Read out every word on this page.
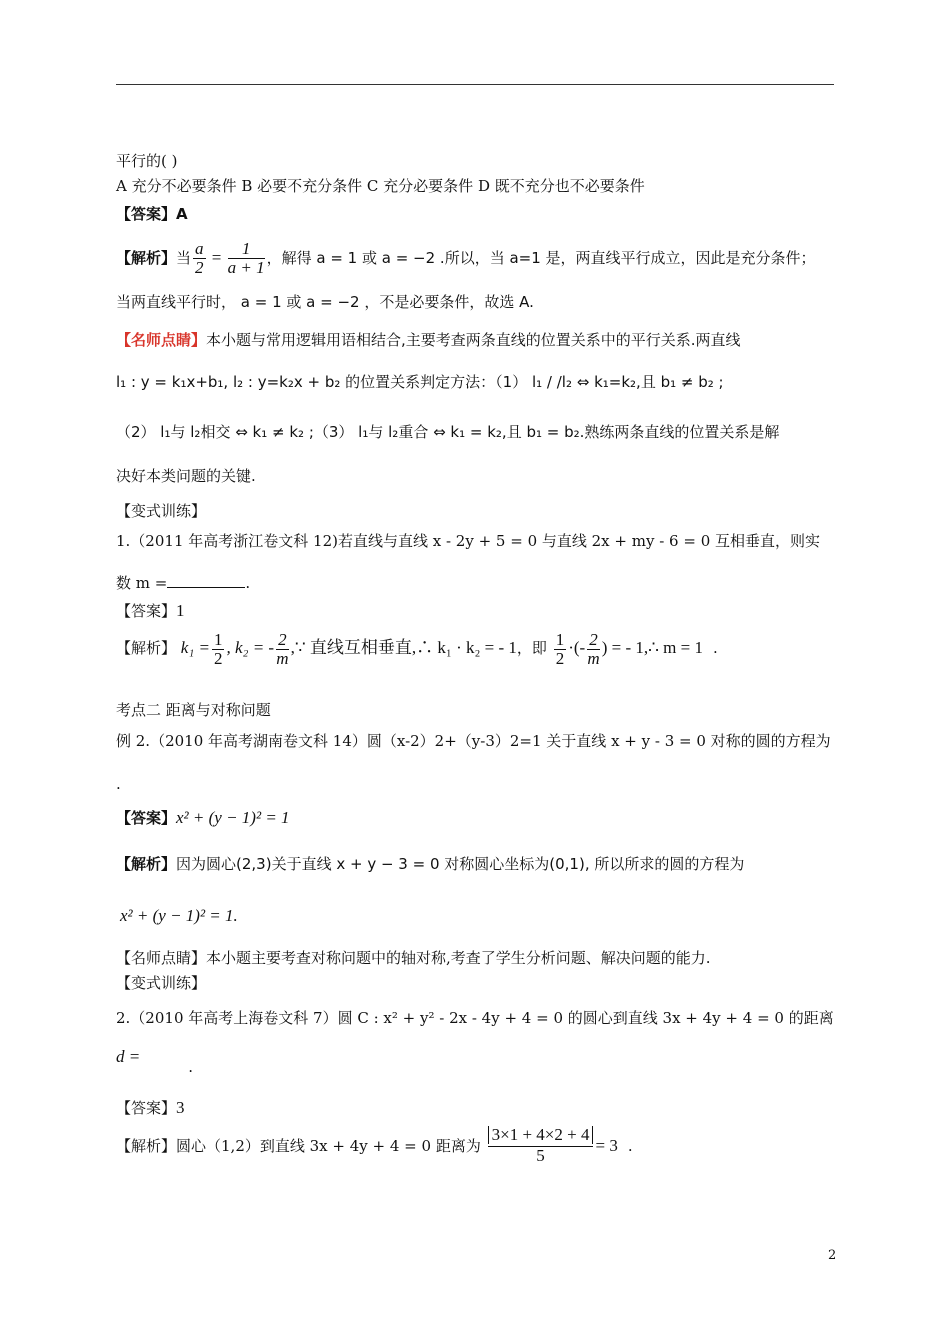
平行的( )
A 充分不必要条件 B 必要不充分条件 C 充分必要条件 D 既不充分也不必要条件
【答案】A
【解析】当 $\frac{a}{2} = \frac{1}{a + 1}$ ，解得 a = 1 或 a = −2 .所以，当 a=1 是，两直线平行成立，因此是充分条件；
当两直线平行时， a = 1 或 a = −2 ，不是必要条件，故选 A.
【名师点睛】本小题与常用逻辑用语相结合,主要考查两条直线的位置关系中的平行关系.两直线
l₁ : y = k₁x+b₁, l₂ : y=k₂x + b₂ 的位置关系判定方法：（1） l₁ / /l₂ ⇔ k₁=k₂,且 b₁ ≠ b₂ ;
（2） l₁与 l₂相交 ⇔ k₁ ≠ k₂ ;（3） l₁与 l₂重合 ⇔ k₁ = k₂,且 b₁ = b₂.熟练两条直线的位置关系是解
决好本类问题的关键.
【变式训练】
1.（2011 年高考浙江卷文科 12)若直线与直线 x - 2y + 5 = 0 与直线 2x + my - 6 = 0 互相垂直，则实
数 m =	.
【答案】1
【解析】 $k_1 = \frac{1}{2}$ , k₂ = - $\frac{2}{m}$ ,∵ 直线互相垂直,∴ k₁ · k₂ = - 1，即 $\frac{1}{2}$ ·(- $\frac{2}{m}$ ) = - 1,∴ m = 1 .
考点二 距离与对称问题
例 2.（2010 年高考湖南卷文科 14）圆（x-2）2+（y-3）2=1 关于直线 x + y - 3 = 0 对称的圆的方程为
.
【答案】x² + (y − 1)² = 1
【解析】因为圆心(2,3)关于直线 x + y − 3 = 0 对称圆心坐标为(0,1), 所以所求的圆的方程为
x² + (y − 1)² = 1.
【名师点睛】本小题主要考查对称问题中的轴对称,考查了学生分析问题、解决问题的能力.
【变式训练】
2.（2010 年高考上海卷文科 7）圆 C : x² + y² - 2x - 4y + 4 = 0 的圆心到直线 3x + 4y + 4 = 0 的距离
d =.
【答案】3
【解析】圆心（1,2）到直线 3x + 4y + 4 = 0 距离为 $\frac{3\times 1 + 4\times 2 + 4}{5} = 3$ .
2
